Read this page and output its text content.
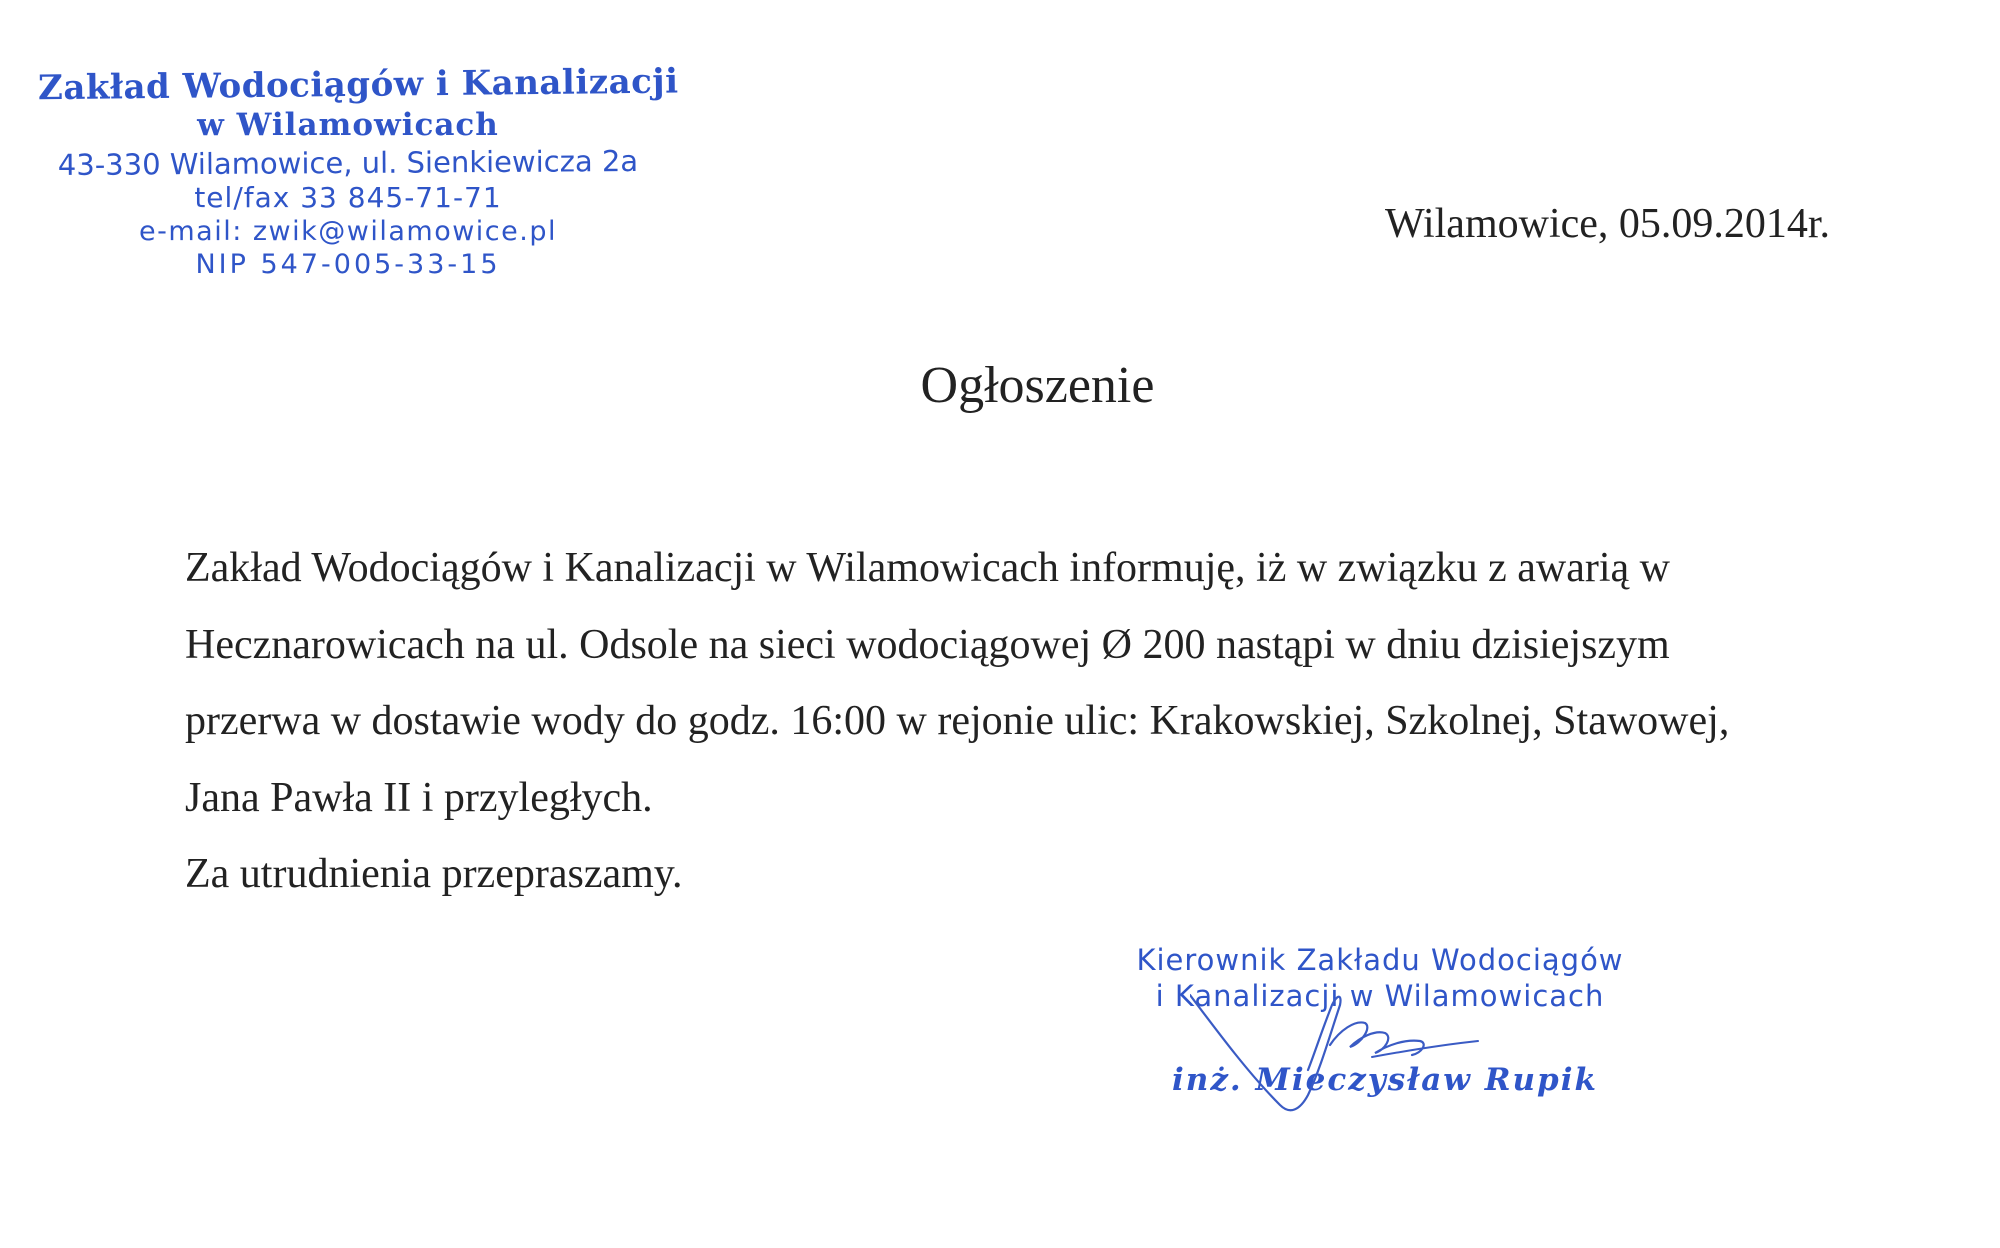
Zakład Wodociągów i Kanalizacji
w Wilamowicach
43-330 Wilamowice, ul. Sienkiewicza 2a
tel/fax 33 845-71-71
e-mail: zwik@wilamowice.pl
NIP 547-005-33-15
Wilamowice, 05.09.2014r.
Ogłoszenie
Zakład Wodociągów i Kanalizacji w Wilamowicach informuję, iż w związku z awarią w
Hecznarowicach na ul. Odsole na sieci wodociągowej Ø 200 nastąpi w dniu dzisiejszym
przerwa w dostawie wody do godz. 16:00 w rejonie ulic: Krakowskiej, Szkolnej, Stawowej,
Jana Pawła II i przyległych.
Za utrudnienia przepraszamy.
Kierownik Zakładu Wodociągów
i Kanalizacji w Wilamowicach
inż. Mieczysław Rupik
